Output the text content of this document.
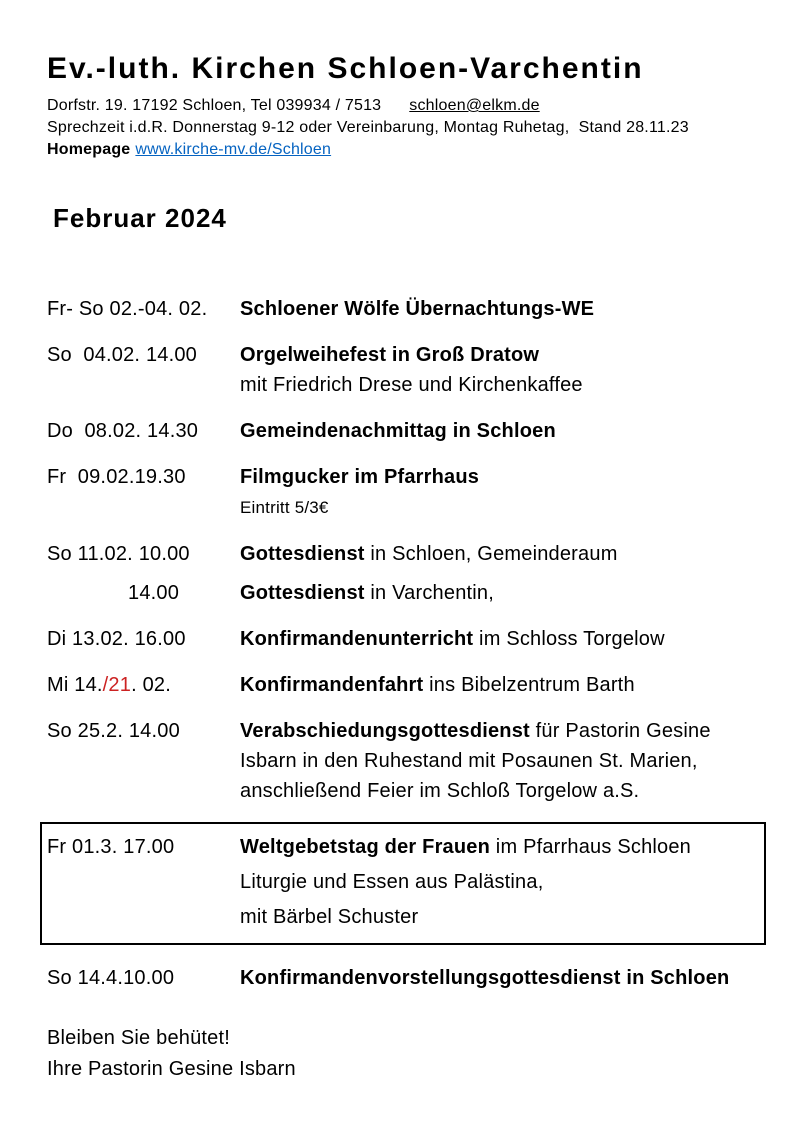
Ev.-luth. Kirchen Schloen-Varchentin
Dorfstr. 19. 17192 Schloen, Tel 039934 / 7513 schloen@elkm.de
Sprechzeit i.d.R. Donnerstag 9-12 oder Vereinbarung, Montag Ruhetag,  Stand 28.11.23
Homepage www.kirche-mv.de/Schloen
Februar 2024
Fr- So 02.-04. 02.	Schloener Wölfe Übernachtungs-WE
So  04.02. 14.00	Orgelweihefest in Groß Dratow
mit Friedrich Drese und Kirchenkaffee
Do  08.02. 14.30	Gemeindenachmittag in Schloen
Fr  09.02.19.30	Filmgucker im Pfarrhaus
Eintritt 5/3€
So 11.02. 10.00	Gottesdienst in Schloen, Gemeinderaum
14.00	Gottesdienst in Varchentin,
Di 13.02. 16.00	Konfirmandenunterricht im Schloss Torgelow
Mi 14./21. 02.	Konfirmandenfahrt ins Bibelzentrum Barth
So 25.2. 14.00	Verabschiedungsgottesdienst für Pastorin Gesine
Isbarn in den Ruhestand mit Posaunen St. Marien,
anschließend Feier im Schloß Torgelow a.S.
Fr 01.3. 17.00	Weltgebetstag der Frauen im Pfarrhaus Schloen
Liturgie und Essen aus Palästina,
mit Bärbel Schuster
So 14.4.10.00	Konfirmandenvorstellungsgottesdienst in Schloen
Bleiben Sie behütet!
Ihre Pastorin Gesine Isbarn
